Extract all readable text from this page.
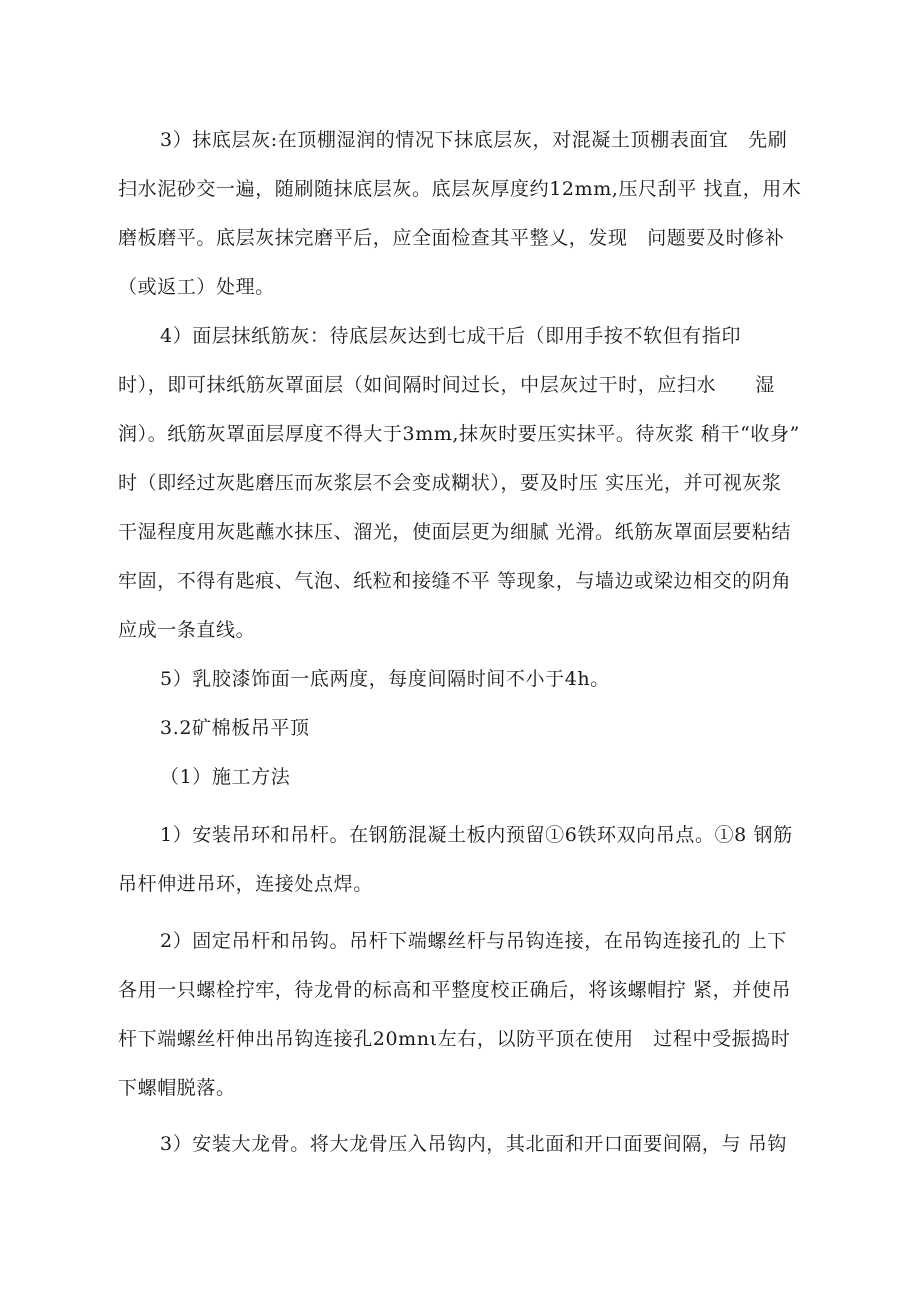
3）抹底层灰:在顶棚湿润的情况下抹底层灰，对混凝土顶棚表面宜　先刷
扫水泥砂交一遍，随刷随抹底层灰。底层灰厚度约12mm,压尺刮平 找直，用木
磨板磨平。底层灰抹完磨平后，应全面检查其平整乂，发现　问题要及时修补
（或返工）处理。
4）面层抹纸筋灰：待底层灰达到七成干后（即用手按不软但有指印
时），即可抹纸筋灰罩面层（如间隔时间过长，中层灰过干时，应扫水　　湿
润）。纸筋灰罩面层厚度不得大于3mm,抹灰时要压实抹平。待灰浆 稍干“收身”
时（即经过灰匙磨压而灰浆层不会变成糊状），要及时压 实压光，并可视灰浆
干湿程度用灰匙蘸水抹压、溜光，使面层更为细腻 光滑。纸筋灰罩面层要粘结
牢固，不得有匙痕、气泡、纸粒和接缝不平 等现象，与墙边或梁边相交的阴角
应成一条直线。
5）乳胶漆饰面一底两度，每度间隔时间不小于4h。
3.2矿棉板吊平顶
（1）施工方法
1）安装吊环和吊杆。在钢筋混凝土板内预留①6铁环双向吊点。①8 钢筋
吊杆伸进吊环，连接处点焊。
2）固定吊杆和吊钩。吊杆下端螺丝杆与吊钩连接，在吊钩连接孔的 上下
各用一只螺栓拧牢，待龙骨的标高和平整度校正确后，将该螺帽拧 紧，并使吊
杆下端螺丝杆伸出吊钩连接孔20mnι左右，以防平顶在使用　过程中受振捣时
下螺帽脱落。
3）安装大龙骨。将大龙骨压入吊钩内，其北面和开口面要间隔，与 吊钩
